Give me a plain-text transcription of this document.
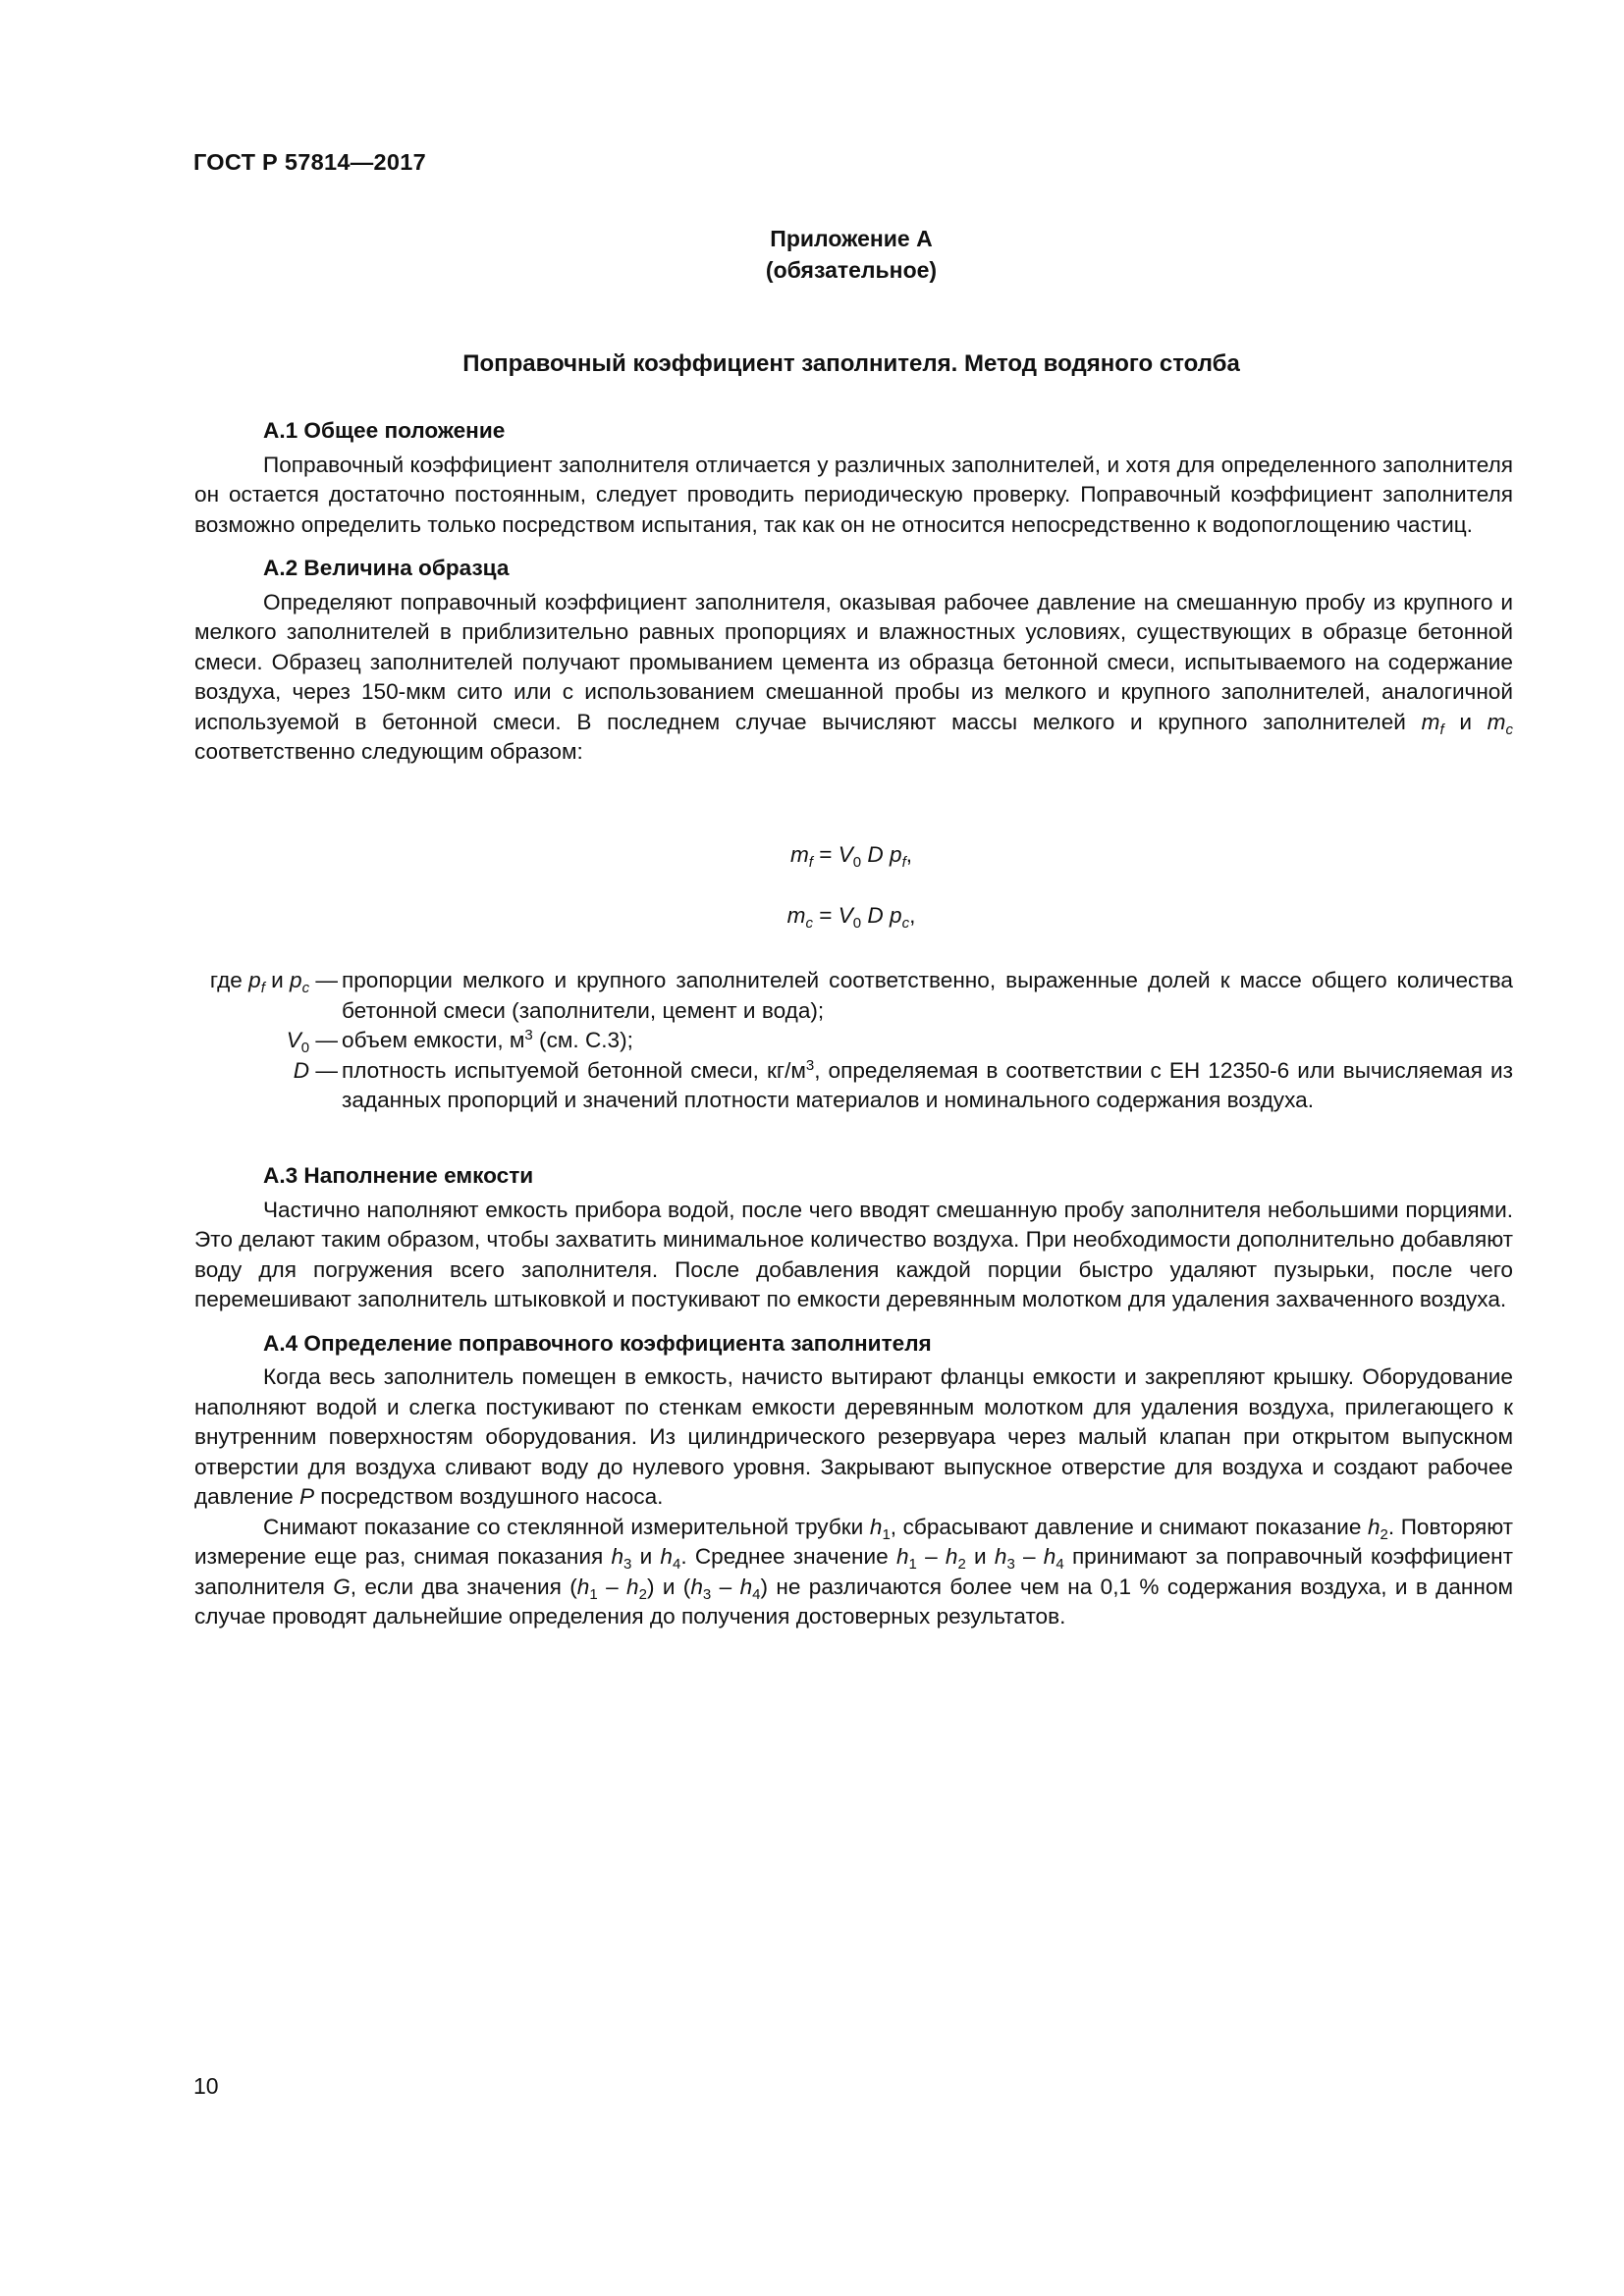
ГОСТ Р 57814—2017
Приложение А
(обязательное)
Поправочный коэффициент заполнителя. Метод водяного столба
А.1 Общее положение

Поправочный коэффициент заполнителя отличается у различных заполнителей, и хотя для определенного заполнителя он остается достаточно постоянным, следует проводить периодическую проверку. Поправочный коэффициент заполнителя возможно определить только посредством испытания, так как он не относится непосредственно к водопоглощению частиц.

А.2 Величина образца

Определяют поправочный коэффициент заполнителя, оказывая рабочее давление на смешанную пробу из крупного и мелкого заполнителей в приблизительно равных пропорциях и влажностных условиях, существующих в образце бетонной смеси. Образец заполнителей получают промыванием цемента из образца бетонной смеси, испытываемого на содержание воздуха, через 150-мкм сито или с использованием смешанной пробы из мелкого и крупного заполнителей, аналогичной используемой в бетонной смеси. В последнем случае вычисляют массы мелкого и крупного заполнителей $m_f$ и $m_c$ соответственно следующим образом:

$m_f = V_0$ D $p_f$,
$m_c = V_0$ D $p_c$,
где $p_f$ и $p_c$ — пропорции мелкого и крупного заполнителей соответственно, выраженные долей к массе общего количества бетонной смеси (заполнители, цемент и вода);
$V_0$ — объем емкости, $м^3$ (см. С.3);
D — плотность испытуемой бетонной смеси, $кг/м^3$, определяемая в соответствии с ЕН 12350-6 или вычисляемая из заданных пропорций и значений плотности материалов и номинального содержания воздуха.
А.3 Наполнение емкости

Частично наполняют емкость прибора водой, после чего вводят смешанную пробу заполнителя небольшими порциями. Это делают таким образом, чтобы захватить минимальное количество воздуха. При необходимости дополнительно добавляют воду для погружения всего заполнителя. После добавления каждой порции быстро удаляют пузырьки, после чего перемешивают заполнитель штыковкой и постукивают по емкости деревянным молотком для удаления захваченного воздуха.

А.4 Определение поправочного коэффициента заполнителя

Когда весь заполнитель помещен в емкость, начисто вытирают фланцы емкости и закрепляют крышку. Оборудование наполняют водой и слегка постукивают по стенкам емкости деревянным молотком для удаления воздуха, прилегающего к внутренним поверхностям оборудования. Из цилиндрического резервуара через малый клапан при открытом выпускном отверстии для воздуха сливают воду до нулевого уровня. Закрывают выпускное отверстие для воздуха и создают рабочее давление P посредством воздушного насоса.

Снимают показание со стеклянной измерительной трубки $h_1$, сбрасывают давление и снимают показание $h_2$. Повторяют измерение еще раз, снимая показания $h_3$ и $h_4$. Среднее значение $h_1 - h_2$ и $h_3 - h_4$ принимают за поправочный коэффициент заполнителя G, если два значения $(h_1 - h_2)$ и $(h_3 - h_4)$ не различаются более чем на 0,1 % содержания воздуха, и в данном случае проводят дальнейшие определения до получения достоверных результатов.

10
